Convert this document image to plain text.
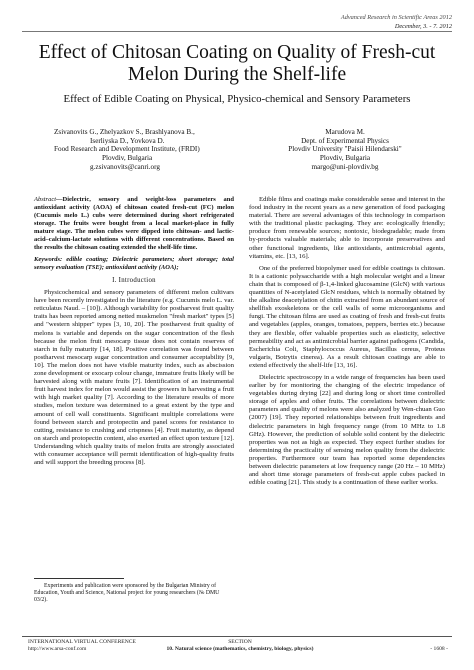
Advanced Research in Scientific Areas 2012
December, 3. - 7. 2012
Effect of Chitosan Coating on Quality of Fresh-cut Melon During the Shelf-life
Effect of Edible Coating on Physical, Physico-chemical and Sensory Parameters
Zsivanovits G., Zhelyazkov S., Brashlyanova B.,
Iserliyska D., Yovkova D.
Food Research and Development Institute, (FRDI)
Plovdiv, Bulgaria
g.zsivanovits@canri.org
Marudova M.
Dept. of Experimental Physics
Plovdiv University "Paisii Hilendarski"
Plovdiv, Bulgaria
margo@uni-plovdiv.bg

Abstract—Dielectric, sensory and weight-loss parameters and antioxidant activity (AOA) of chitosan coated fresh-cut (FC) melon (Cucumis melo L.) cubs were determined during short refrigerated storage. The fruits were bought from a local market-place in fully mature stage. The melon cubes were dipped into chitosan- and lactic-acid–calcium-lactate solutions with different concentrations. Based on the results the chitosan coating extended the shelf-life time.

Keywords: edible coating; Dielectric parameters; short storage; total sensory evaluation (TSE); antioxidant activity (AOA);

I. Introduction

Physicochemical and sensory parameters of different melon cultivars have been recently investigated in the literature (e.g. Cucumis melo L. var. reticulatus Naud. – [10]). Although variability for postharvest fruit quality traits has been reported among netted muskmelon "fresh market" types [5] and "western shipper" types [3, 10, 20]. The postharvest fruit quality of melons is variable and depends on the sugar concentration of the flesh because the melon fruit mesocarp tissue does not contain reserves of starch in fully maturity [14, 18]. Positive correlation was found between postharvest mesocarp sugar concentration and consumer acceptability [9, 10]. The melon does not have visible maturity index, such as abscission zone development or exocarp colour change, immature fruits likely will be harvested along with mature fruits [7]. Identification of an instrumental fruit harvest index for melon would assist the growers in harvesting a fruit with high market quality [7]. According to the literature results of more studies, melon texture was determined to a great extent by the type and amount of cell wall constituents. Significant multiple correlations were found between starch and protopectin and panel scores for resistance to cutting, resistance to crushing and crispness [4]. Fruit maturity, as depend on starch and protopectin content, also exerted an effect upon texture [12]. Understanding which quality traits of melon fruits are strongly associated with consumer acceptance will permit identification of high-quality fruits and will support the breeding process [8].

Edible films and coatings make considerable sense and interest in the food industry in the recent years as a new generation of food packaging material. There are several advantages of this technology in comparison with the traditional plastic packaging. They are: ecologically friendly; produce from renewable sources; nontoxic, biodegradable; made from by-products valuable materials; able to incorporate preservatives and other functional ingredients, like antioxidants, antimicrobial agents, vitamins, etc. [13, 16].

One of the preferred biopolymer used for edible coatings is chitosan. It is a cationic polysaccharide with a high molecular weight and a linear chain that is composed of β-1,4-linked glucosamine (GlcN) with various quantities of N-acetylated GlcN residues, which is normally obtained by the alkaline deacetylation of chitin extracted from an abundant source of shellfish exoskeletons or the cell walls of some microorganisms and fungi. The chitosan films are used as coating of fresh and fresh-cut fruits and vegetables (apples, oranges, tomatoes, peppers, berries etc.) because they are flexible, offer valuable properties such as elasticity, selective permeability and act as antimicrobial barrier against pathogens (Candida, Escherichia Coli, Staphylococcus Aureus, Bacillus cereus, Proteus vulgaris, Botrytis cinerea). As a result chitosan coatings are able to extend effectively the shelf-life [13, 16].

Dielectric spectroscopy in a wide range of frequencies has been used earlier by for monitoring the changing of the electric impedance of vegetables during drying [22] and during long or short time controlled storage of apples and other fruits. The correlations between dielectric parameters and quality of melons were also analyzed by Wen-chuan Guo (2007) [19]. They reported relationships between fruit ingredients and dielectric parameters in high frequency range (from 10 MHz to 1.8 GHz). However, the prediction of soluble solid content by the dielectric properties was not as high as expected. They expect further studies for determining the practicality of sensing melon quality from the dielectric properties. Furthermore our team has reported some dependencies between dielectric parameters at low frequency range (20 Hz – 10 MHz) and short time storage parameters of fresh-cut apple cubes packed in edible coating [21]. This study is a continuation of these earlier works.

Experiments and publication were sponsored by the Bulgarian Ministry of Education, Youth and Science, National project for young researchers (№ DMU 03/2).
INTERNATIONAL VIRTUAL CONFERENCE
http://www.arsa-conf.com
SECTION
10. Natural science (mathematics, chemistry, biology, physics)
	- 1608 -
